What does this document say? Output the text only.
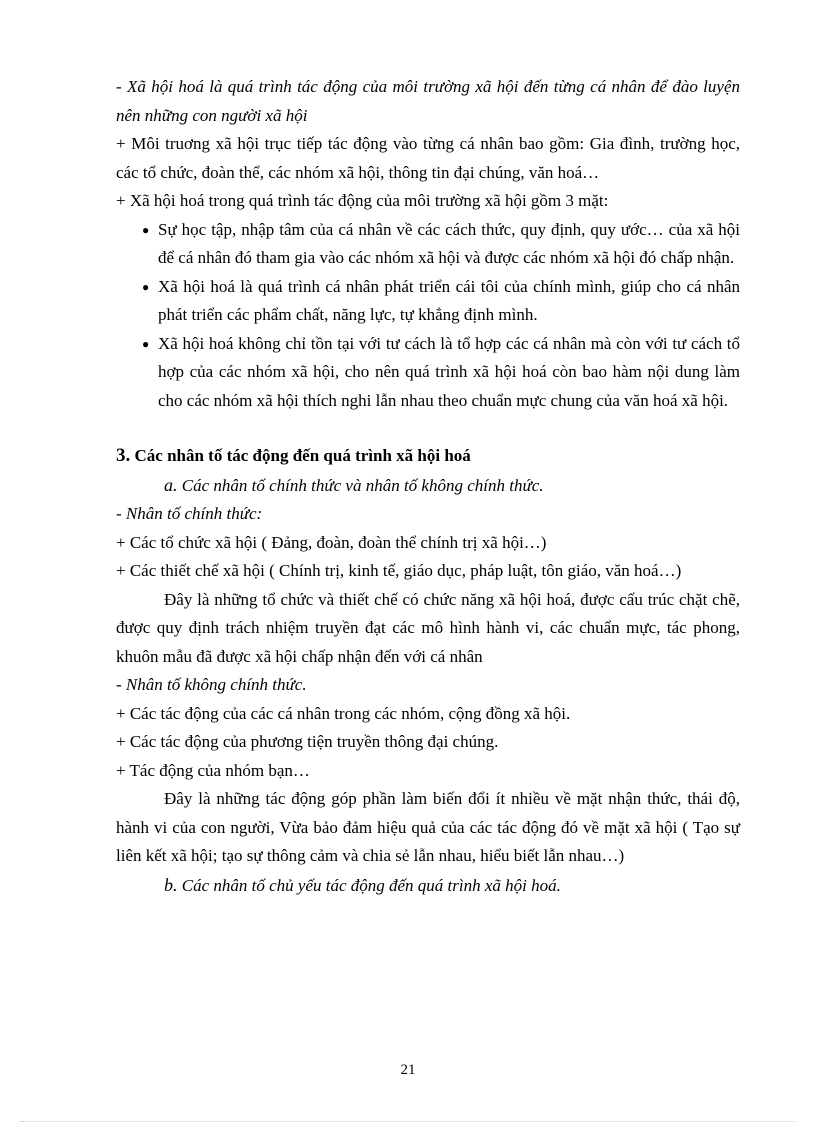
- Xã hội hoá là quá trình tác động của môi trường xã hội đến từng cá nhân để đào luyện nên những con người xã hội

+ Môi truơng xã hội trục tiếp tác động vào từng cá nhân bao gồm: Gia đình, trường học, các tổ chức, đoàn thể, các nhóm xã hội, thông tin đại chúng, văn hoá…

+ Xã hội hoá trong quá trình tác động của môi trường xã hội gồm 3 mặt:

● Sự học tập, nhập tâm của cá nhân về các cách thức, quy định, quy ước… của xã hội để cá nhân đó tham gia vào các nhóm xã hội và được các nhóm xã hội đó chấp nhận.
● Xã hội hoá là quá trình cá nhân phát triển cái tôi của chính mình, giúp cho cá nhân phát triển các phẩm chất, năng lực, tự khẳng định mình.
● Xã hội hoá không chỉ tồn tại với tư cách là tổ hợp các cá nhân mà còn với tư cách tổ hợp của các nhóm xã hội, cho nên quá trình xã hội hoá còn bao hàm nội dung làm cho các nhóm xã hội thích nghi lẫn nhau theo chuẩn mực chung của văn hoá xã hội.

3. Các nhân tố tác động đến quá trình xã hội hoá

a. Các nhân tố chính thức và nhân tố không chính thức.

- Nhân tố chính thức:

+ Các tổ chức xã hội ( Đảng, đoàn, đoàn thể chính trị xã hội…)

+ Các thiết chế xã hội ( Chính trị, kinh tế, giáo dục, pháp luật, tôn giáo, văn hoá…)

Đây là những tổ chức và thiết chế có chức năng xã hội hoá, được cấu trúc chặt chẽ, được quy định trách nhiệm truyền đạt các mô hình hành vi, các chuẩn mực, tác phong, khuôn mẫu đã được xã hội chấp nhận đến với cá nhân

- Nhân tố không chính thức.

+ Các tác động của các cá nhân trong các nhóm, cộng đồng xã hội.

+ Các tác động của phương tiện truyền thông đại chúng.

+ Tác động của nhóm bạn…

Đây là những tác động góp phần làm biến đổi ít nhiều về mặt nhận thức, thái độ, hành vi của con người, Vừa bảo đảm hiệu quả của các tác động đó về mặt xã hội ( Tạo sự liên kết xã hội; tạo sự thông cảm và chia sẻ lẫn nhau, hiểu biết lẫn nhau…)

b. Các nhân tố chủ yếu tác động đến quá trình xã hội hoá.

21
